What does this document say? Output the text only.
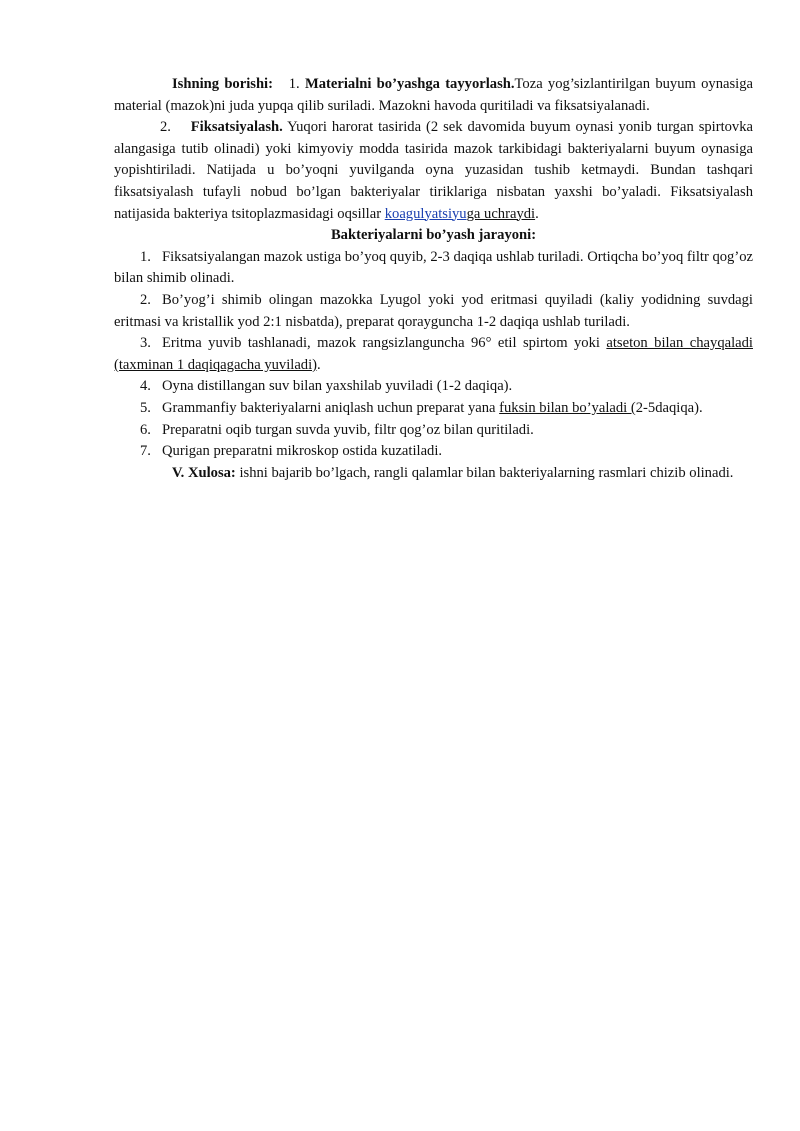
Ishning borishi: 1. Materialni bo’yashga tayyorlash.Toza yog’sizlantirilgan buyum oynasiga material (mazok)ni juda yupqa qilib suriladi. Mazokni havoda quritiladi va fiksatsiyalanadi.

2. Fiksatsiyalash. Yuqori harorat tasirida (2 sek davomida buyum oynasi yonib turgan spirtovka alangasiga tutib olinadi) yoki kimyoviy modda tasirida mazok tarkibidagi bakteriyalarni buyum oynasiga yopishtiriladi. Natijada u bo’yoqni yuvilganda oyna yuzasidan tushib ketmaydi. Bundan tashqari fiksatsiyalash tufayli nobud bo’lgan bakteriyalar tiriklariga nisbatan yaxshi bo’yaladi. Fiksatsiyalash natijasida bakteriya tsitoplazmasidagi oqsillar koagulyatsiyuga uchraydi.

Bakteriyalarni bo’yash jarayoni:

1. Fiksatsiyalangan mazok ustiga bo’yoq quyib, 2-3 daqiqa ushlab turiladi. Ortiqcha bo’yoq filtr qog’oz bilan shimib olinadi.
2. Bo’yog’i shimib olingan mazokka Lyugol yoki yod eritmasi quyiladi (kaliy yodidning suvdagi eritmasi va kristallik yod 2:1 nisbatda), preparat qoraygunсha 1-2 daqiqa ushlab turiladi.
3. Eritma yuvib tashlanadi, mazok rangsizlanguncha 96° etil spirtom yoki atseton bilan chayqaladi (taxminan 1 daqiqagacha yuviladi).
4. Oyna distillangan suv bilan yaxshilab yuviladi (1-2 daqiqa).
5. Grammanfiy bakteriyalarni aniqlash uchun preparat yana fuksin bilan bo’yaladi (2-5daqiqa).
6. Preparatni oqib turgan suvda yuvib, filtr qog’oz bilan quritiladi.
7. Qurigan preparatni mikroskop ostida kuzatiladi.

V. Xulosa: ishni bajarib bo’lgach, rangli qalamlar bilan bakteriyalarning rasmlari chizib olinadi.
